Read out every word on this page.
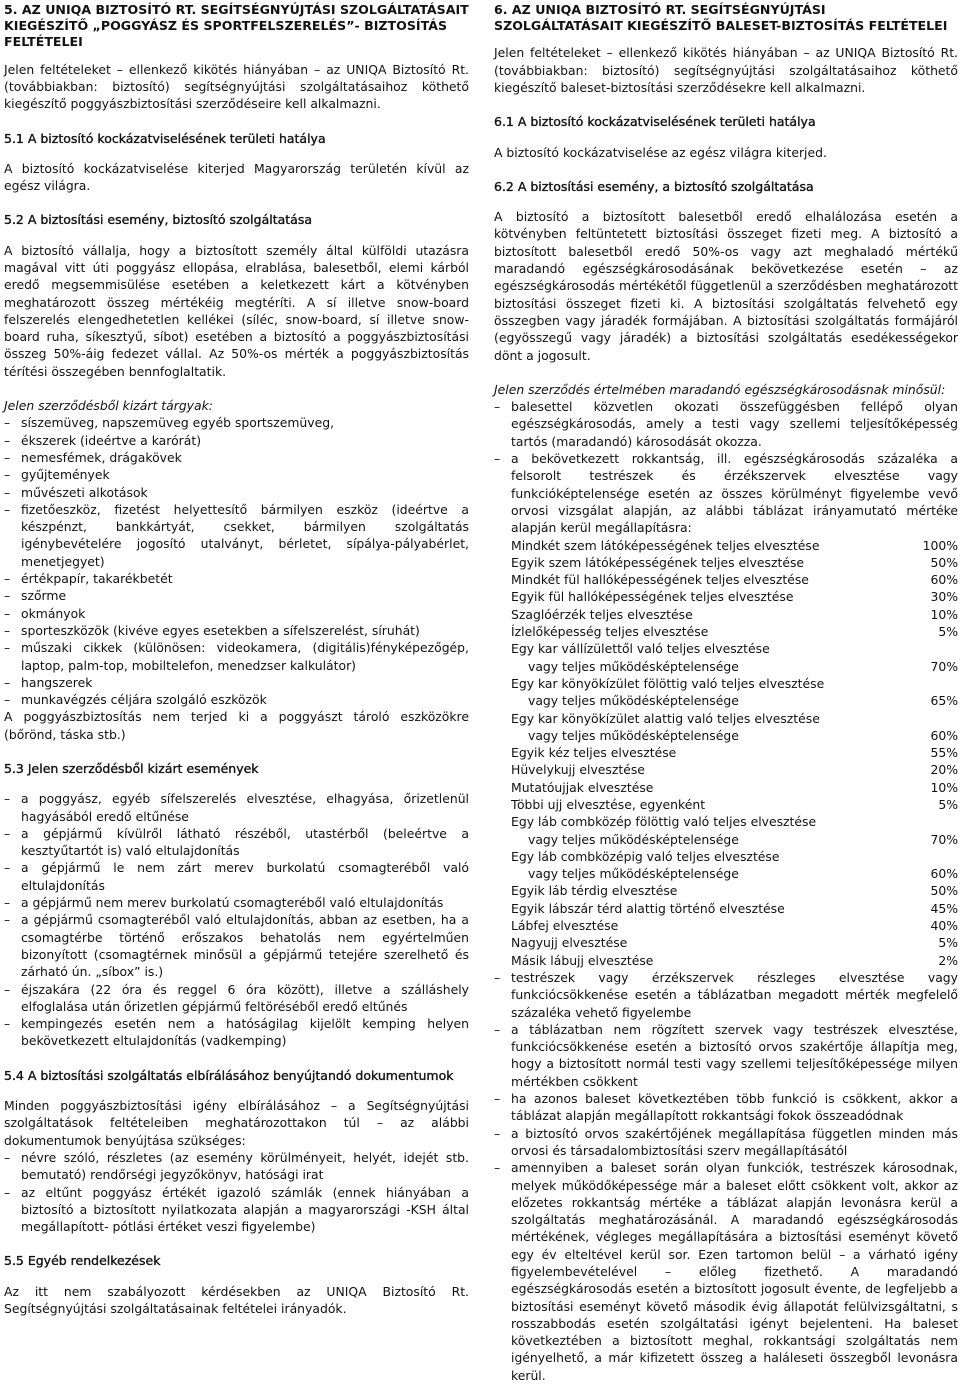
5. AZ UNIQA BIZTOSÍTÓ RT. SEGÍTSÉGNYÚJTÁSI SZOLGÁLTATÁSAIT KIEGÉSZÍTŐ „POGGYÁSZ ÉS SPORTFELSZERELÉS”- BIZTOSÍTÁS FELTÉTELEI

Jelen feltételeket – ellenkező kikötés hiányában – az UNIQA Biztosító Rt. (továbbiakban: biztosító) segítségnyújtási szolgáltatásaihoz köthető kiegészítő poggyászbiztosítási szerződéseire kell alkalmazni.

5.1 A biztosító kockázatviselésének területi hatálya

A biztosító kockázatviselése kiterjed Magyarország területén kívül az egész világra.

5.2 A biztosítási esemény, biztosító szolgáltatása

A biztosító vállalja, hogy a biztosított személy által külföldi utazásra magával vitt úti poggyász ellopása, elrablása, balesetből, elemi kárból eredő megsemmisülése esetében a keletkezett kárt a kötvényben meghatározott összeg mértékéig megtéríti. A sí illetve snow-board felszerelés elengedhetetlen kellékei (síléc, snow-board, sí illetve snow-board ruha, síkesztyű, síbot) esetében a biztosító a poggyászbiztosítási összeg 50%-áig fedezet vállal. Az 50%-os mérték a poggyászbiztosítás térítési összegében bennfoglaltatik.

Jelen szerződésből kizárt tárgyak:

– síszemüveg, napszemüveg egyéb sportszemüveg,
– ékszerek (ideértve a karórát)
– nemesfémek, drágakövek
– gyűjtemények
– művészeti alkotások
– fizetőeszköz, fizetést helyettesítő bármilyen eszköz (ideértve a készpénzt, bankkártyát, csekket, bármilyen szolgáltatás igénybevételére jogosító utalványt, bérletet, sípálya-pályabérlet, menetjegyet)
– értékpapír, takarékbetét
– szőrme
– okmányok
– sporteszközök (kivéve egyes esetekben a sífelszerelést, síruhát)
– műszaki cikkek (különösen: videokamera, (digitális)fényképezőgép, laptop, palm-top, mobiltelefon, menedzser kalkulátor)
– hangszerek
– munkavégzés céljára szolgáló eszközök

A poggyászbiztosítás nem terjed ki a poggyászt tároló eszközökre (bőrönd, táska stb.)

5.3 Jelen szerződésből kizárt események
– a poggyász, egyéb sífelszerelés elvesztése, elhagyása, őrizetlenül hagyásából eredő eltűnése
– a gépjármű kívülről látható részéből, utastérből (beleértve a kesztyűtartót is) való eltulajdonítás
– a gépjármű le nem zárt merev burkolatú csomagteréből való eltulajdonítás
– a gépjármű nem merev burkolatú csomagteréből való eltulajdonítás
– a gépjármű csomagteréből való eltulajdonítás, abban az esetben, ha a csomagtérbe történő erőszakos behatolás nem egyértelműen bizonyított (csomagtérnek minősül a gépjármű tetejére szerelhető és zárható ún. „síbox” is.)
– éjszakára (22 óra és reggel 6 óra között), illetve a szálláshely elfoglalása után őrizetlen gépjármű feltöréséből eredő eltűnés
– kempingezés esetén nem a hatóságilag kijelölt kemping helyen bekövetkezett eltulajdonítás (vadkemping)
5.4 A biztosítási szolgáltatás elbírálásához benyújtandó dokumentumok

Minden poggyászbiztosítási igény elbírálásához – a Segítségnyújtási szolgáltatások feltételeiben meghatározottakon túl – az alábbi dokumentumok benyújtása szükséges:

– névre szóló, részletes (az esemény körülményeit, helyét, idejét stb. bemutató) rendőrségi jegyzőkönyv, hatósági irat
– az eltűnt poggyász értékét igazoló számlák (ennek hiányában a biztosító a biztosított nyilatkozata alapján a magyarországi -KSH által megállapított- pótlási értéket veszi figyelembe)
5.5 Egyéb rendelkezések

Az itt nem szabályozott kérdésekben az UNIQA Biztosító Rt. Segítségnyújtási szolgáltatásainak feltételei irányadók.

6. AZ UNIQA BIZTOSÍTÓ RT. SEGÍTSÉGNYÚJTÁSI SZOLGÁLTATÁSAIT KIEGÉSZÍTŐ BALESET-BIZTOSÍTÁS FELTÉTELEI

Jelen feltételeket – ellenkező kikötés hiányában – az UNIQA Biztosító Rt. (továbbiakban: biztosító) segítségnyújtási szolgáltatásaihoz köthető kiegészítő baleset-biztosítási szerződésekre kell alkalmazni.

6.1 A biztosító kockázatviselésének területi hatálya

A biztosító kockázatviselése az egész világra kiterjed.

6.2 A biztosítási esemény, a biztosító szolgáltatása

A biztosító a biztosított balesetből eredő elhalálozása esetén a kötvényben feltüntetett biztosítási összeget fizeti meg. A biztosító a biztosított balesetből eredő 50%-os vagy azt meghaladó mértékű maradandó egészségkárosodásának bekövetkezése esetén – az egészségkárosodás mértékétől függetlenül a szerződésben meghatározott biztosítási összeget fizeti ki. A biztosítási szolgáltatás felvehető egy összegben vagy járadék formájában. A biztosítási szolgáltatás formájáról (egyösszegű vagy járadék) a biztosítási szolgáltatás esedékességekor dönt a jogosult.

Jelen szerződés értelmében maradandó egészségkárosodásnak minősül:

– balesettel közvetlen okozati összefüggésben fellépő olyan egészségkárosodás, amely a testi vagy szellemi teljesítőképesség tartós (maradandó) károsodását okozza.
– a bekövetkezett rokkantság, ill. egészségkárosodás százaléka a felsorolt testrészek és érzékszervek elvesztése vagy funkcióképtelensége esetén az összes körülményt figyelembe vevő orvosi vizsgálat alapján, az alábbi táblázat irányamutató mértéke alapján kerül megállapításra:
Mindkét szem látóképességének teljes elvesztése	100%
Egyik szem látóképességének teljes elvesztése	50%
Mindkét fül hallóképességének teljes elvesztése	60%
Egyik fül hallóképességének teljes elvesztése	30%
Szaglóérzék teljes elvesztése	10%
Ízlelőképesség teljes elvesztése	5%
Egy kar vállízülettől való teljes elvesztése
vagy teljes működésképtelensége	70%
Egy kar könyökízület fölöttig való teljes elvesztése
vagy teljes működésképtelensége	65%
Egy kar könyökízület alattig való teljes elvesztése
vagy teljes működésképtelensége	60%
Egyik kéz teljes elvesztése	55%
Hüvelykujj elvesztése	20%
Mutatóujjak elvesztése	10%
Többi ujj elvesztése, egyenként	5%
Egy láb combközép fölöttig való teljes elvesztése
vagy teljes működésképtelensége	70%
Egy láb combközépig való teljes elvesztése
vagy teljes működésképtelensége	60%
Egyik láb térdig elvesztése	50%
Egyik lábszár térd alattig történő elvesztése	45%
Lábfej elvesztése	40%
Nagyujj elvesztése	5%
Másik lábujj elvesztése	2%
– testrészek vagy érzékszervek részleges elvesztése vagy funkciócsökkenése esetén a táblázatban megadott mérték megfelelő százaléka vehető figyelembe
– a táblázatban nem rögzített szervek vagy testrészek elvesztése, funkciócsökkenése esetén a biztosító orvos szakértője állapítja meg, hogy a biztosított normál testi vagy szellemi teljesítőképessége milyen mértékben csökkent
– ha azonos baleset következtében több funkció is csökkent, akkor a táblázat alapján megállapított rokkantsági fokok összeadódnak
– a biztosító orvos szakértőjének megállapítása független minden más orvosi és társadalombiztosítási szerv megállapításától
– amennyiben a baleset során olyan funkciók, testrészek károsodnak, melyek működőképessége már a baleset előtt csökkent volt, akkor az előzetes rokkantság mértéke a táblázat alapján levonásra kerül a szolgáltatás meghatározásánál. A maradandó egészségkárosodás mértékének, végleges megállapítására a biztosítási eseményt követő egy év elteltével kerül sor. Ezen tartomon belül – a várható igény figyelembevételével – előleg fizethető. A maradandó egészségkárosodás esetén a biztosított jogosult évente, de legfeljebb a biztosítási eseményt követő második évig állapotát felülvizsgáltatni, s rosszabbodás esetén szolgáltatási igényt bejelenteni. Ha baleset következtében a biztosított meghal, rokkantsági szolgáltatás nem igényelhető, a már kifizetett összeg a haláleseti összegből levonásra kerül.
